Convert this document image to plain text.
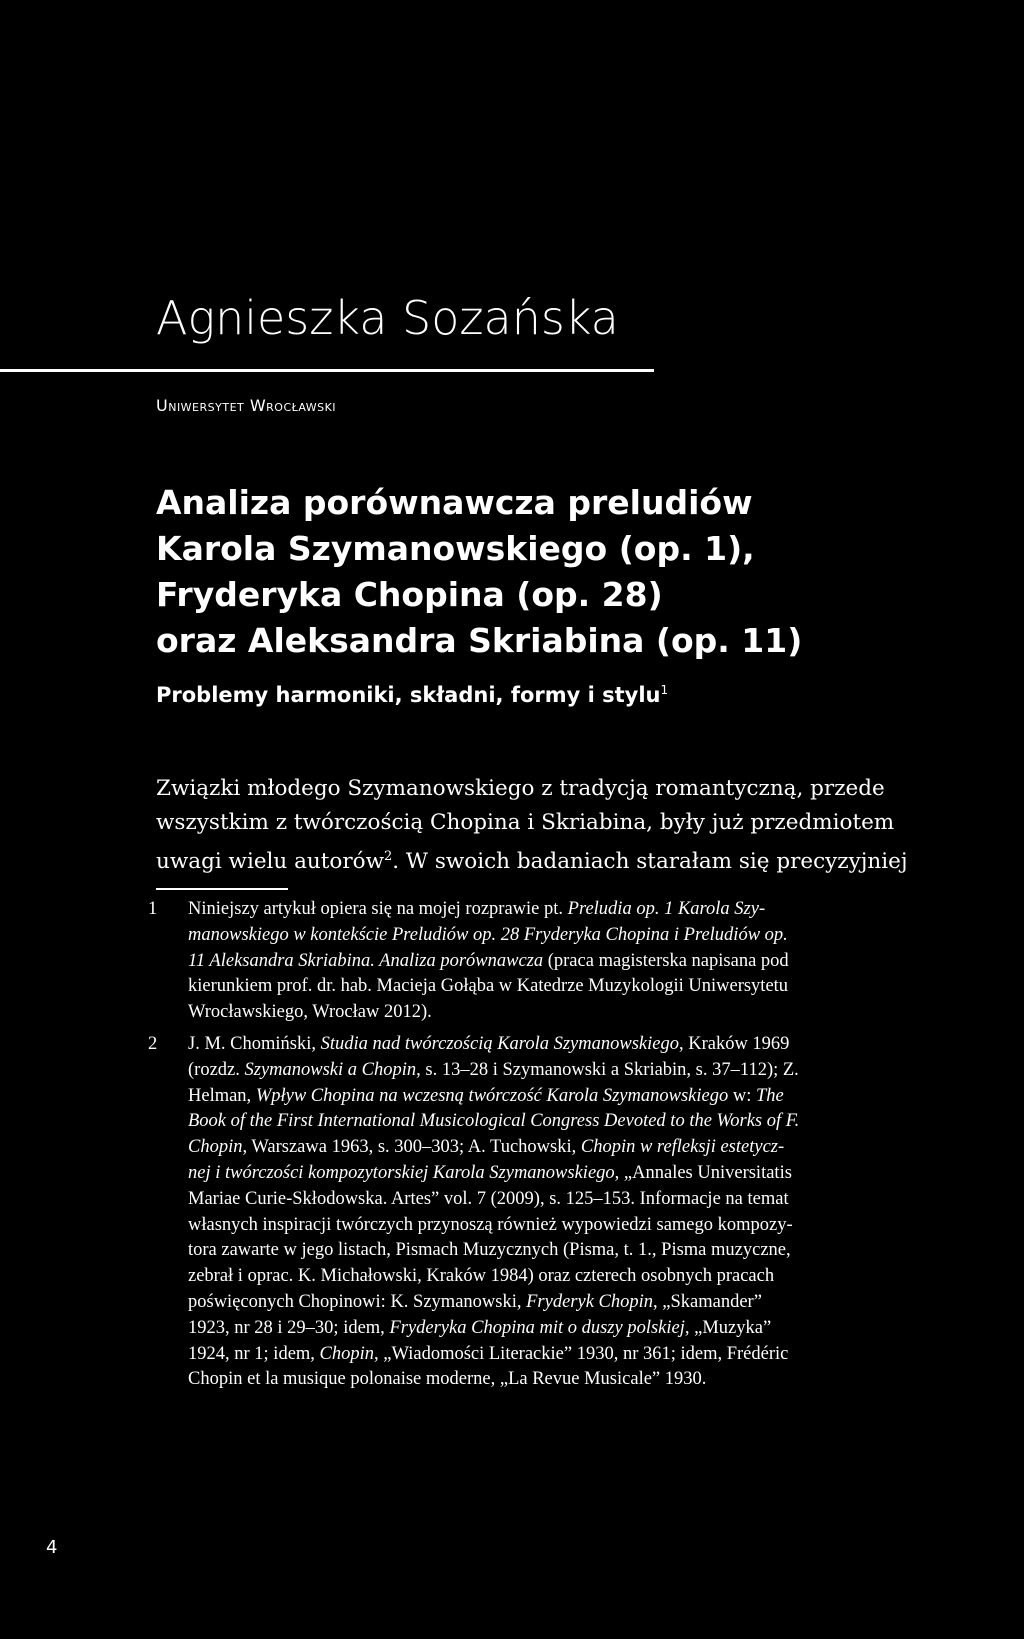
Agnieszka Sozańska
Uniwersytet Wrocławski
Analiza porównawcza preludiów
Karola Szymanowskiego (op. 1),
Fryderyka Chopina (op. 28)
oraz Aleksandra Skriabina (op. 11)
Problemy harmoniki, składni, formy i stylu$^1$
Związki młodego Szymanowskiego z tradycją romantyczną, przede
wszystkim z twórczością Chopina i Skriabina, były już przedmiotem
uwagi wielu autorów$^2$. W swoich badaniach starałam się precyzyjniej
1 Niniejszy artykuł opiera się na mojej rozprawie pt. Preludia op. 1 Karola Szy-
manowskiego w kontekście Preludiów op. 28 Fryderyka Chopina i Preludiów op.
11 Aleksandra Skriabina. Analiza porównawcza (praca magisterska napisana pod
kierunkiem prof. dr. hab. Macieja Gołąba w Katedrze Muzykologii Uniwersytetu
Wrocławskiego, Wrocław 2012).
2 J. M. Chomiński, Studia nad twórczością Karola Szymanowskiego, Kraków 1969
(rozdz. Szymanowski a Chopin, s. 13–28 i Szymanowski a Skriabin, s. 37–112); Z.
Helman, Wpływ Chopina na wczesną twórczość Karola Szymanowskiego w: The
Book of the First International Musicological Congress Devoted to the Works of F.
Chopin, Warszawa 1963, s. 300–303; A. Tuchowski, Chopin w refleksji estetycz-
nej i twórczości kompozytorskiej Karola Szymanowskiego, „Annales Universitatis
Mariae Curie-Skłodowska. Artes” vol. 7 (2009), s. 125–153. Informacje na temat
własnych inspiracji twórczych przynoszą również wypowiedzi samego kompozy-
tora zawarte w jego listach, Pismach Muzycznych (Pisma, t. 1., Pisma muzyczne,
zebrał i oprac. K. Michałowski, Kraków 1984) oraz czterech osobnych pracach
poświęconych Chopinowi: K. Szymanowski, Fryderyk Chopin, „Skamander”
1923, nr 28 i 29–30; idem, Fryderyka Chopina mit o duszy polskiej, „Muzyka”
1924, nr 1; idem, Chopin, „Wiadomości Literackie” 1930, nr 361; idem, Frédéric
Chopin et la musique polonaise moderne, „La Revue Musicale” 1930.
4
